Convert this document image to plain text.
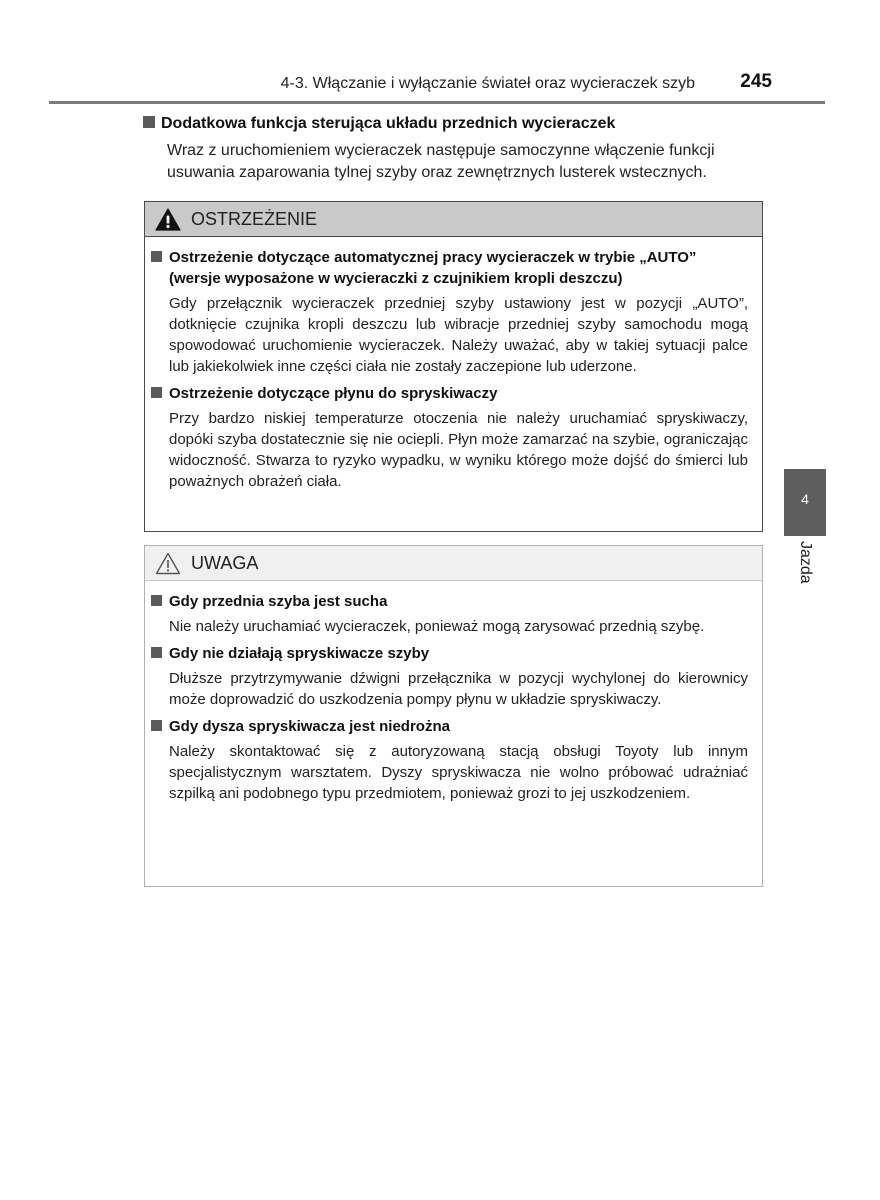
4-3. Włączanie i wyłączanie świateł oraz wycieraczek szyb	245
Dodatkowa funkcja sterująca układu przednich wycieraczek
Wraz z uruchomieniem wycieraczek następuje samoczynne włączenie funkcji usuwania zaparowania tylnej szyby oraz zewnętrznych lusterek wstecznych.
OSTRZEŻENIE
Ostrzeżenie dotyczące automatycznej pracy wycieraczek w trybie „AUTO” (wersje wyposażone w wycieraczki z czujnikiem kropli deszczu)
Gdy przełącznik wycieraczek przedniej szyby ustawiony jest w pozycji „AUTO”, dotknięcie czujnika kropli deszczu lub wibracje przedniej szyby samochodu mogą spowodować uruchomienie wycieraczek. Należy uważać, aby w takiej sytuacji palce lub jakiekolwiek inne części ciała nie zostały zaczepione lub uderzone.
Ostrzeżenie dotyczące płynu do spryskiwaczy
Przy bardzo niskiej temperaturze otoczenia nie należy uruchamiać spryskiwaczy, dopóki szyba dostatecznie się nie ociepli. Płyn może zamarzać na szybie, ograniczając widoczność. Stwarza to ryzyko wypadku, w wyniku którego może dojść do śmierci lub poważnych obrażeń ciała.
UWAGA
Gdy przednia szyba jest sucha
Nie należy uruchamiać wycieraczek, ponieważ mogą zarysować przednią szybę.
Gdy nie działają spryskiwacze szyby
Dłuższe przytrzymywanie dźwigni przełącznika w pozycji wychylonej do kierownicy może doprowadzić do uszkodzenia pompy płynu w układzie spryskiwaczy.
Gdy dysza spryskiwacza jest niedrożna
Należy skontaktować się z autoryzowaną stacją obsługi Toyoty lub innym specjalistycznym warsztatem. Dyszy spryskiwacza nie wolno próbować udrażniać szpilką ani podobnego typu przedmiotem, ponieważ grozi to jej uszkodzeniem.
4
Jazda
